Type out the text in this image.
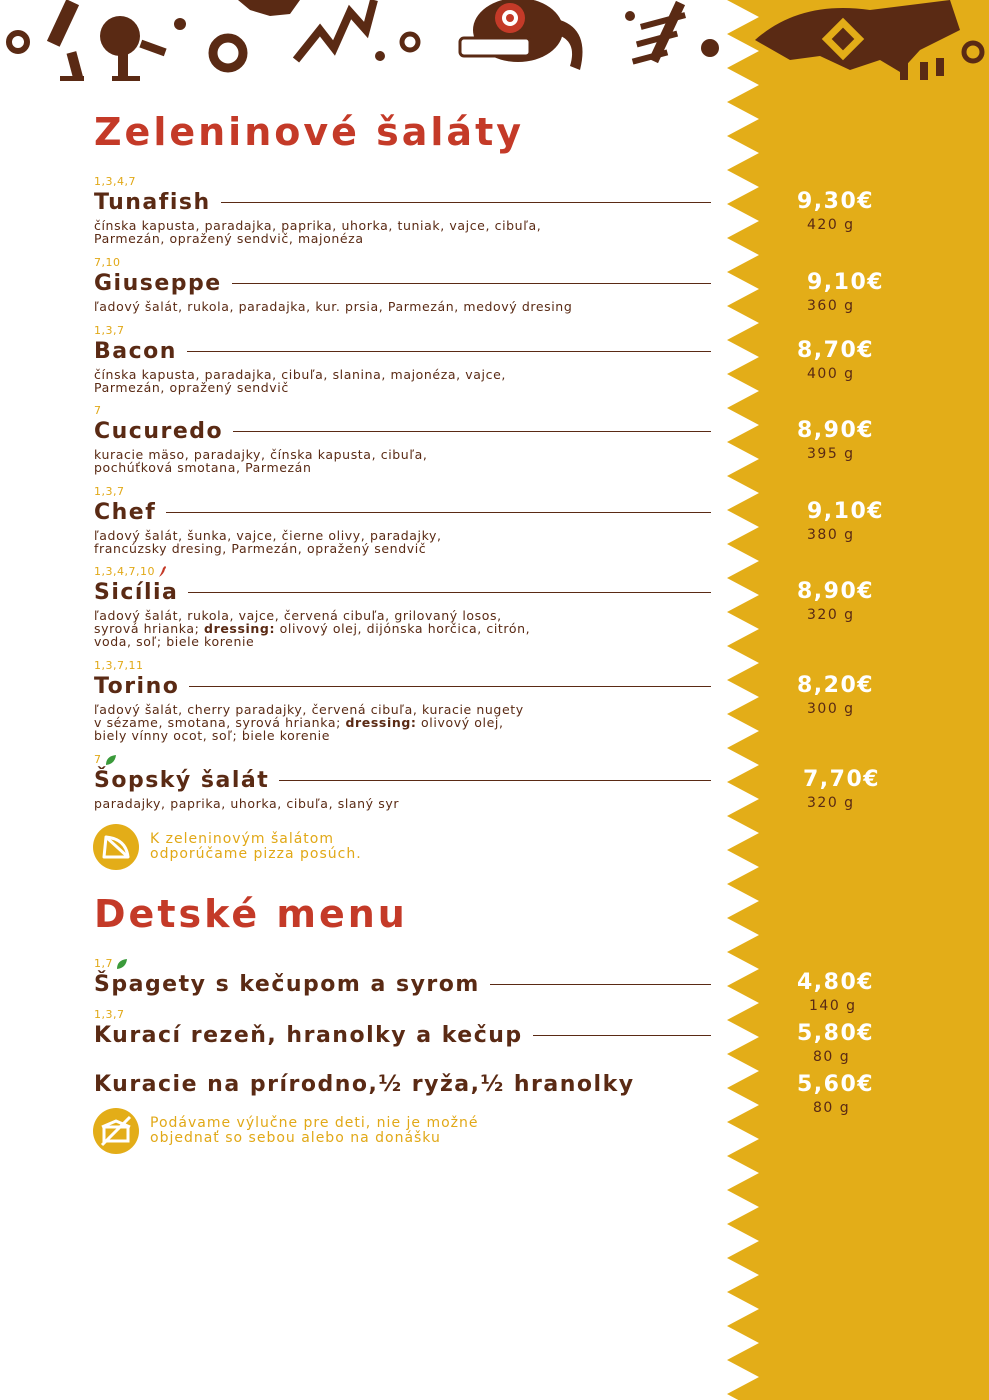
Zeleninové šaláty
1,3,4,7
Tunafish
čínska kapusta, paradajka, paprika, uhorka, tuniak, vajce, cibuľa,
Parmezán, opražený sendvič, majonéza
9,30€
420 g
7,10
Giuseppe
ľadový šalát, rukola, paradajka, kur. prsia, Parmezán, medový dresing
9,10€
360 g
1,3,7
Bacon
čínska kapusta, paradajka, cibuľa, slanina, majonéza, vajce,
Parmezán, opražený sendvič
8,70€
400 g
7
Cucuredo
kuracie mäso, paradajky, čínska kapusta, cibuľa,
pochúťková smotana, Parmezán
8,90€
395 g
1,3,7
Chef
ľadový šalát, šunka, vajce, čierne olivy, paradajky,
francúzsky dresing, Parmezán, opražený sendvič
9,10€
380 g
1,3,4,7,10
Sicília
ľadový šalát, rukola, vajce, červená cibuľa, grilovaný losos,
syrová hrianka; dressing: olivový olej, dijónska horčica, citrón,
voda, soľ; biele korenie
8,90€
320 g
1,3,7,11
Torino
ľadový šalát, cherry paradajky, červená cibuľa, kuracie nugety
v sézame, smotana, syrová hrianka; dressing: olivový olej,
biely vínny ocot, soľ; biele korenie
8,20€
300 g
7
Šopský šalát
paradajky, paprika, uhorka, cibuľa, slaný syr
7,70€
320 g
K zeleninovým šalátom
odporúčame pizza posúch.
Detské menu
1,7
Špagety s kečupom a syrom	4,80€
140 g
1,3,7
Kurací rezeň, hranolky a kečup	5,80€
80 g
Kuracie na prírodno,½ ryža,½ hranolky	5,60€
80 g
Podávame výlučne pre deti, nie je možné
objednať so sebou alebo na donášku
